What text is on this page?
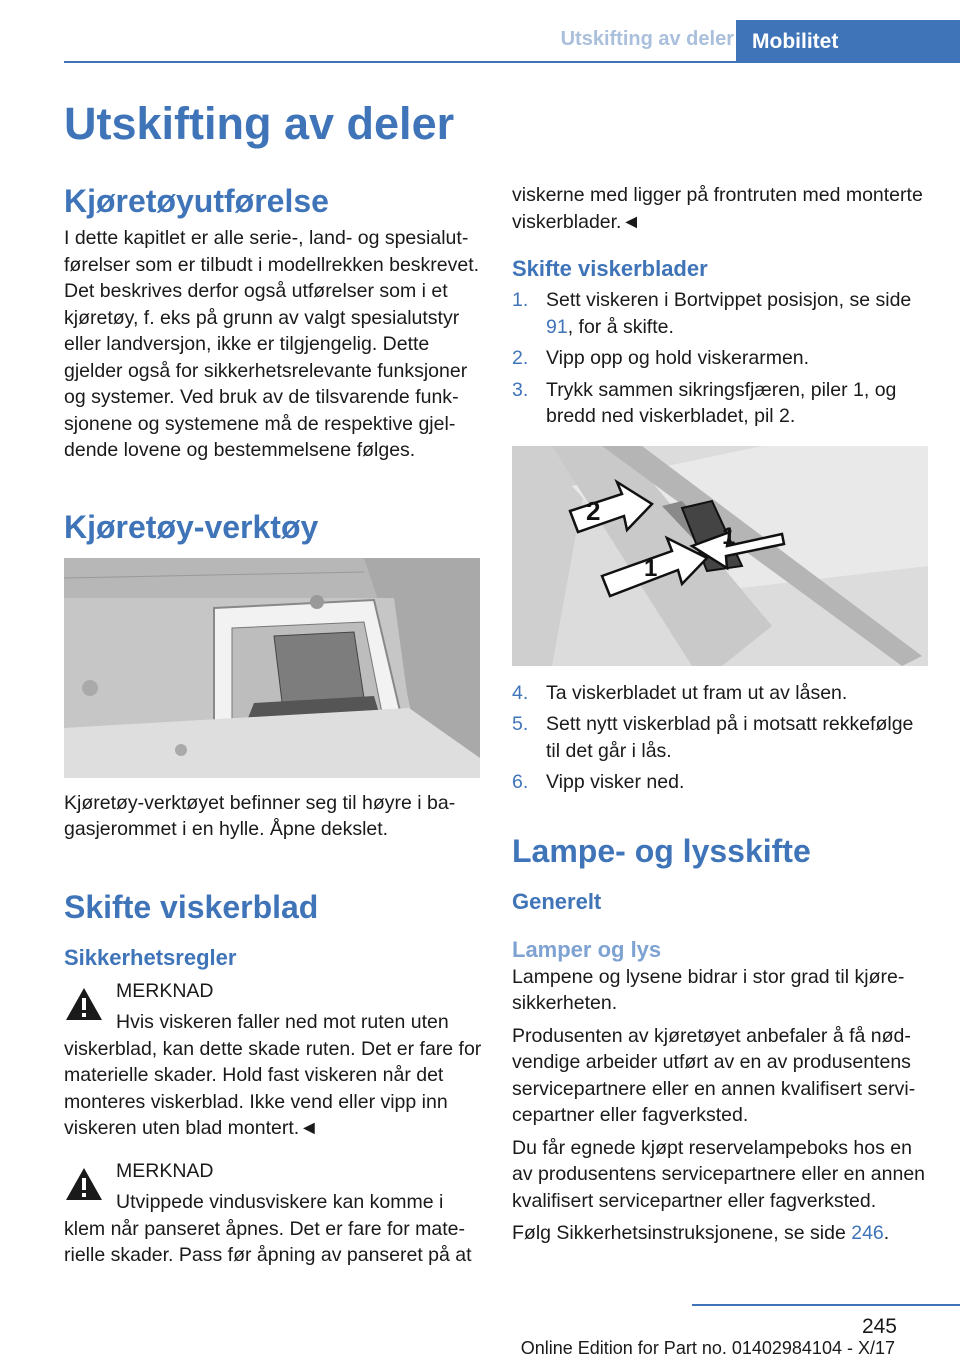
Utskifting av deler Mobilitet
Utskifting av deler
Kjøretøyutførelse

I dette kapitlet er alle serie-, land- og spesialutførelser som er tilbudt i modellrekken beskrevet. Det beskrives derfor også utførelser som i et kjøretøy, f. eks på grunn av valgt spesialutstyr eller landversjon, ikke er tilgjengelig. Dette gjelder også for sikkerhetsrelevante funksjoner og systemer. Ved bruk av de tilsvarende funksjonene og systemene må de respektive gjeldende lovene og bestemmelsene følges.

Kjøretøy-verktøy

Kjøretøy-verktøyet befinner seg til høyre i bagasjerommet i en hylle. Åpne dekslet.

Skifte viskerblad
Sikkerhetsregler
MERKNAD

Hvis viskeren faller ned mot ruten uten
viskerblad, kan dette skade ruten. Det er fare for materielle skader. Hold fast viskeren når det monteres viskerblad. Ikke vend eller vipp inn viskeren uten blad montert.◄

MERKNAD

Utvippede vindusviskere kan komme i
klem når panseret åpnes. Det er fare for materielle skader. Pass før åpning av panseret på at

viskerne med ligger på frontruten med monterte viskerblader.◄

Skifte viskerblader
1. Sett viskeren i Bortvippet posisjon, se side 91, for å skifte.
2. Vipp opp og hold viskerarmen.
3. Trykk sammen sikringsfjæren, piler 1, og bredd ned viskerbladet, pil 2.
2
1
1
4. Ta viskerbladet ut fram ut av låsen.
5. Sett nytt viskerblad på i motsatt rekkefølge til det går i lås.
6. Vipp visker ned.
Lampe- og lysskifte
Generelt
Lamper og lys

Lampene og lysene bidrar i stor grad til kjøresikkerheten.

Produsenten av kjøretøyet anbefaler å få nødvendige arbeider utført av en av produsentens servicepartnere eller en annen kvalifisert servicepartner eller fagverksted.

Du får egnede kjøpt reservelampeboks hos en av produsentens servicepartnere eller en annen kvalifisert servicepartner eller fagverksted.

Følg Sikkerhetsinstruksjonene, se side 246.

245
Online Edition for Part no. 01402984104 - X/17
